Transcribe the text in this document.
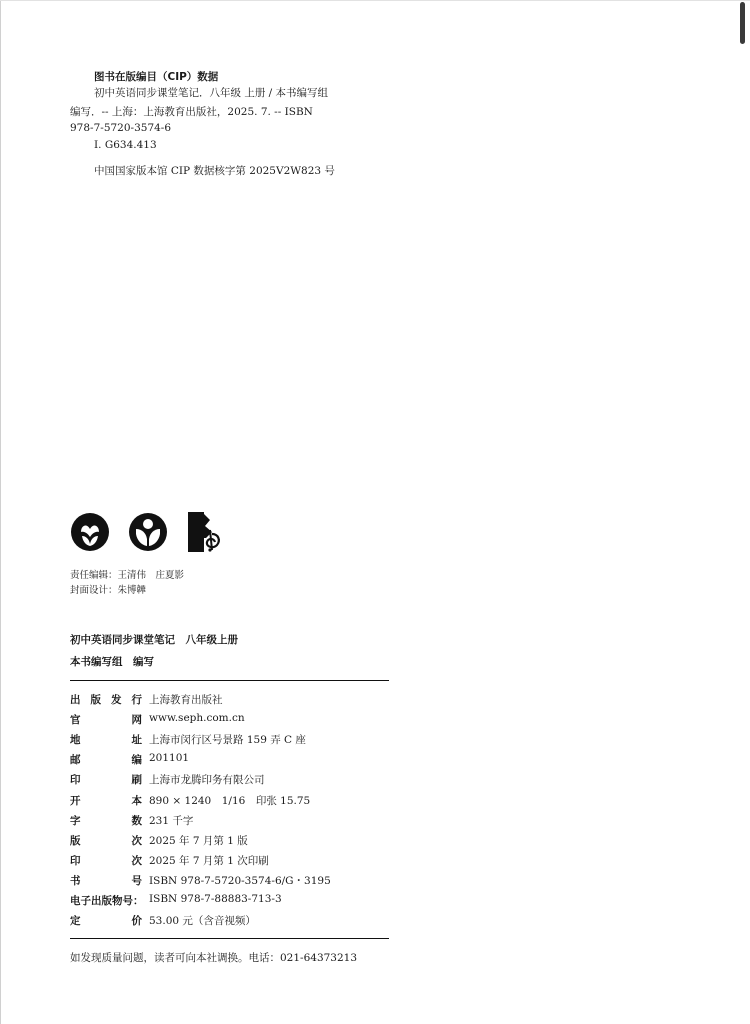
图书在版编目（CIP）数据
初中英语同步课堂笔记．八年级 上册 / 本书编写组
编写．-- 上海：上海教育出版社，2025. 7. -- ISBN
978-7-5720-3574-6
Ⅰ. G634.413
中国国家版本馆 CIP 数据核字第 2025V2W823 号
责任编辑：王清伟　庄夏影
封面设计：朱博韡
初中英语同步课堂笔记　八年级上册
本书编写组　编写
出 版 发 行 上海教育出版社
官	网 www.seph.com.cn
地	址 上海市闵行区号景路 159 弄 C 座
邮	编 201101
印	刷 上海市龙腾印务有限公司
开	本 890 × 1240　1/16　印张 15.75
字	数 231 千字
版	次 2025 年 7 月第 1 版
印	次 2025 年 7 月第 1 次印刷
书	号 ISBN 978-7-5720-3574-6/G・3195
电子出版物号： ISBN 978-7-88883-713-3
定	价 53.00 元（含音视频）
如发现质量问题，读者可向本社调换。电话：021-64373213
